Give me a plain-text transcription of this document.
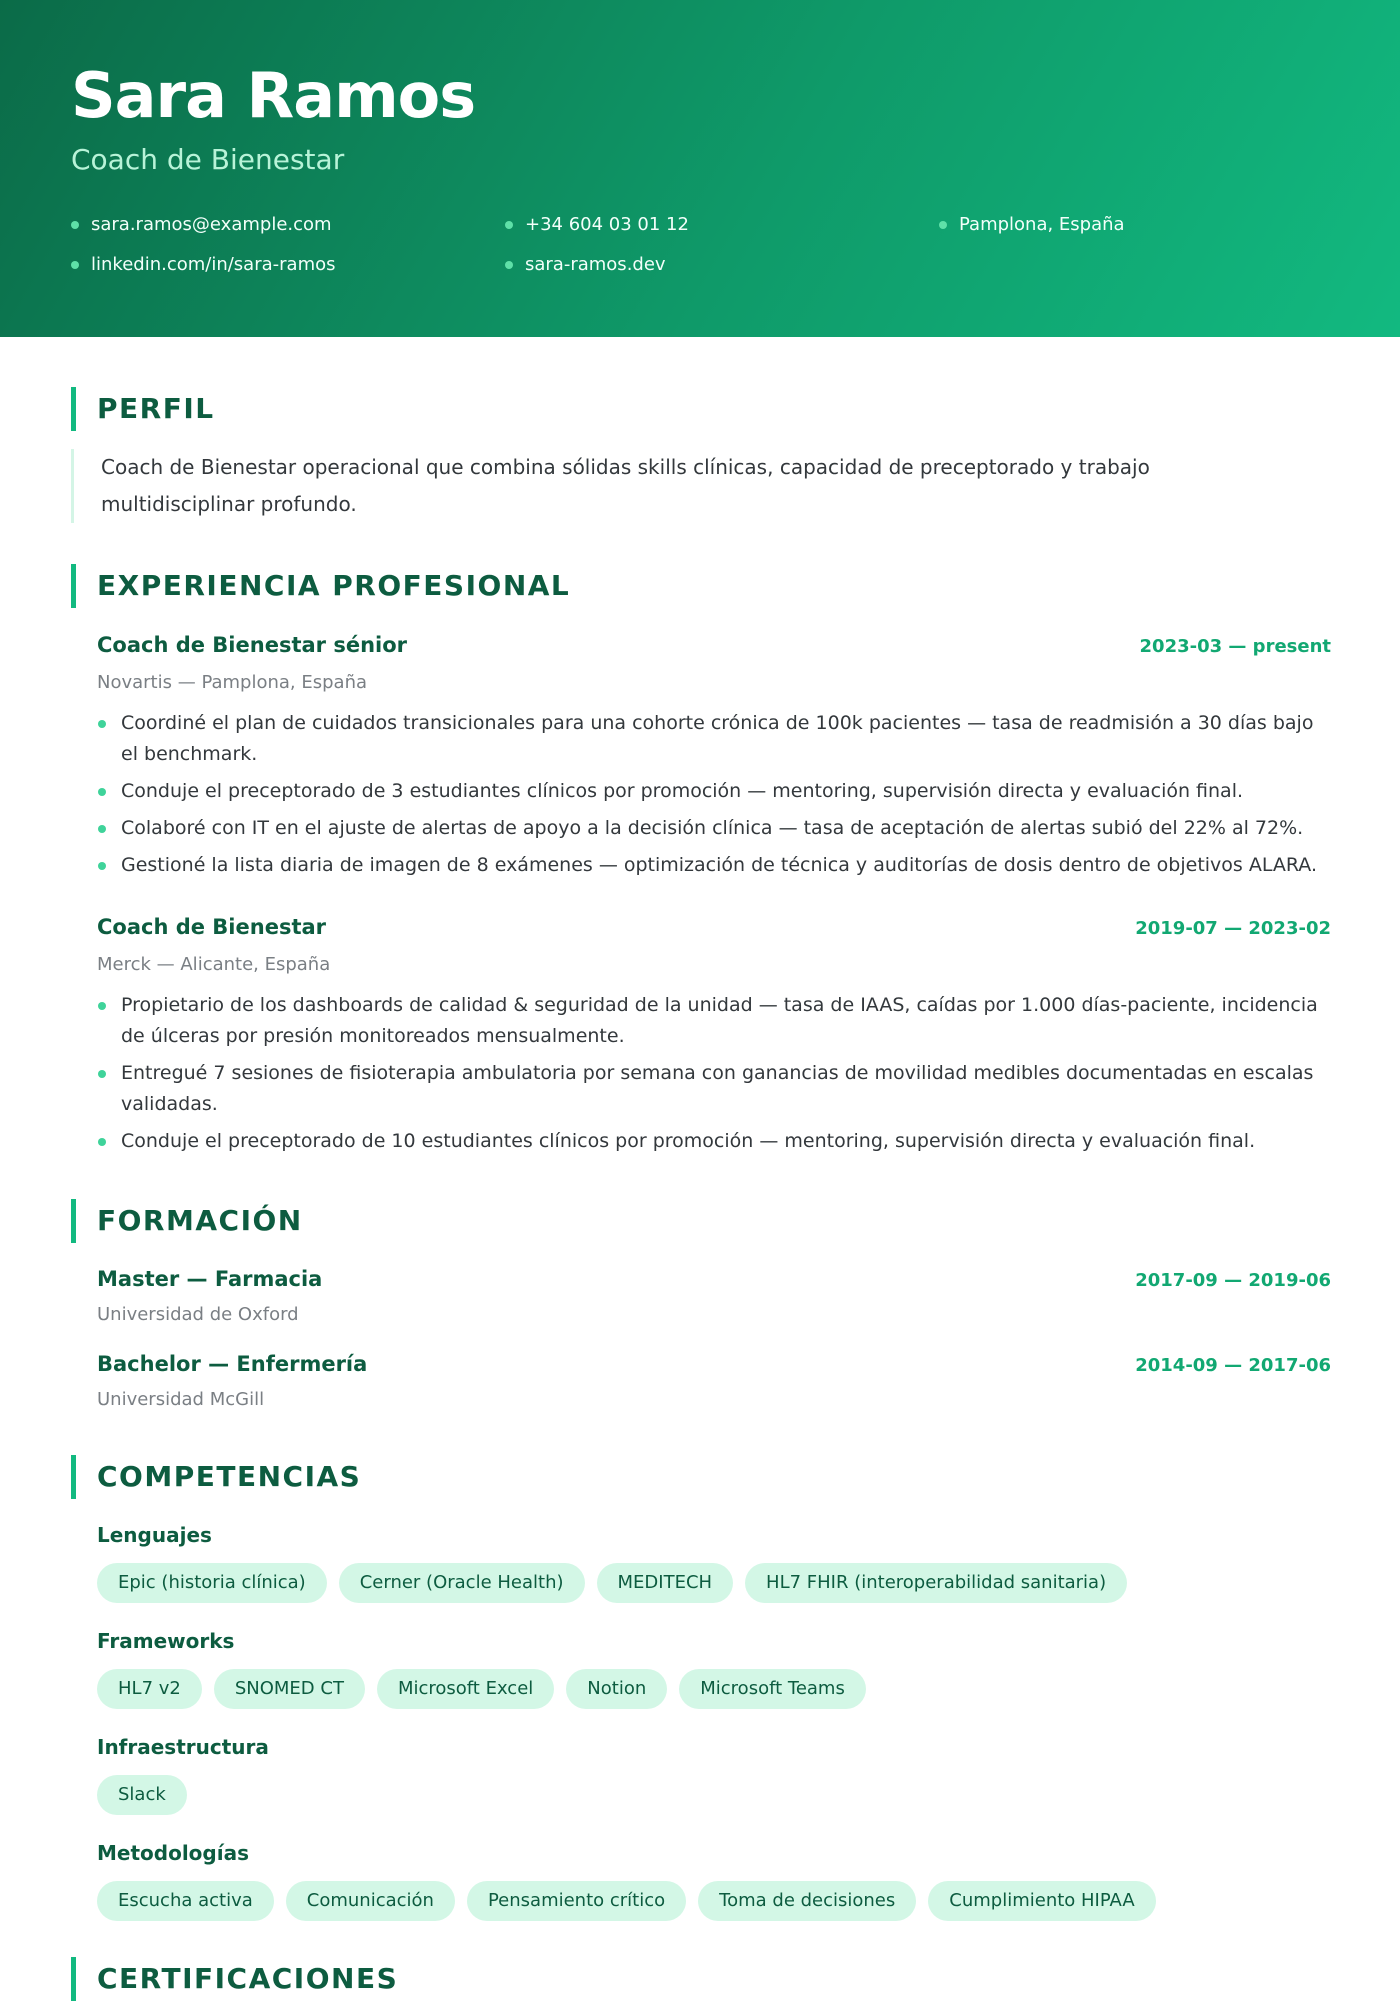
Sara Ramos
Coach de Bienestar
sara.ramos@example.com	+34 604 03 01 12	Pamplona, España
linkedin.com/in/sara-ramos	sara-ramos.dev
PERFIL
Coach de Bienestar operacional que combina sólidas skills clínicas, capacidad de preceptorado y trabajo multidisciplinar profundo.
EXPERIENCIA PROFESIONAL
Coach de Bienestar sénior	2023-03 — present
Novartis — Pamplona, España
Coordiné el plan de cuidados transicionales para una cohorte crónica de 100k pacientes — tasa de readmisión a 30 días bajo el benchmark.
Conduje el preceptorado de 3 estudiantes clínicos por promoción — mentoring, supervisión directa y evaluación final.
Colaboré con IT en el ajuste de alertas de apoyo a la decisión clínica — tasa de aceptación de alertas subió del 22% al 72%.
Gestioné la lista diaria de imagen de 8 exámenes — optimización de técnica y auditorías de dosis dentro de objetivos ALARA.
Coach de Bienestar	2019-07 — 2023-02
Merck — Alicante, España
Propietario de los dashboards de calidad & seguridad de la unidad — tasa de IAAS, caídas por 1.000 días-paciente, incidencia de úlceras por presión monitoreados mensualmente.
Entregué 7 sesiones de fisioterapia ambulatoria por semana con ganancias de movilidad medibles documentadas en escalas validadas.
Conduje el preceptorado de 10 estudiantes clínicos por promoción — mentoring, supervisión directa y evaluación final.
FORMACIÓN
Master — Farmacia	2017-09 — 2019-06
Universidad de Oxford
Bachelor — Enfermería	2014-09 — 2017-06
Universidad McGill
COMPETENCIAS
Lenguajes
Epic (historia clínica)	Cerner (Oracle Health)	MEDITECH	HL7 FHIR (interoperabilidad sanitaria)
Frameworks
HL7 v2	SNOMED CT	Microsoft Excel	Notion	Microsoft Teams
Infraestructura
Slack
Metodologías
Escucha activa	Comunicación	Pensamiento crítico	Toma de decisiones	Cumplimiento HIPAA
CERTIFICACIONES
